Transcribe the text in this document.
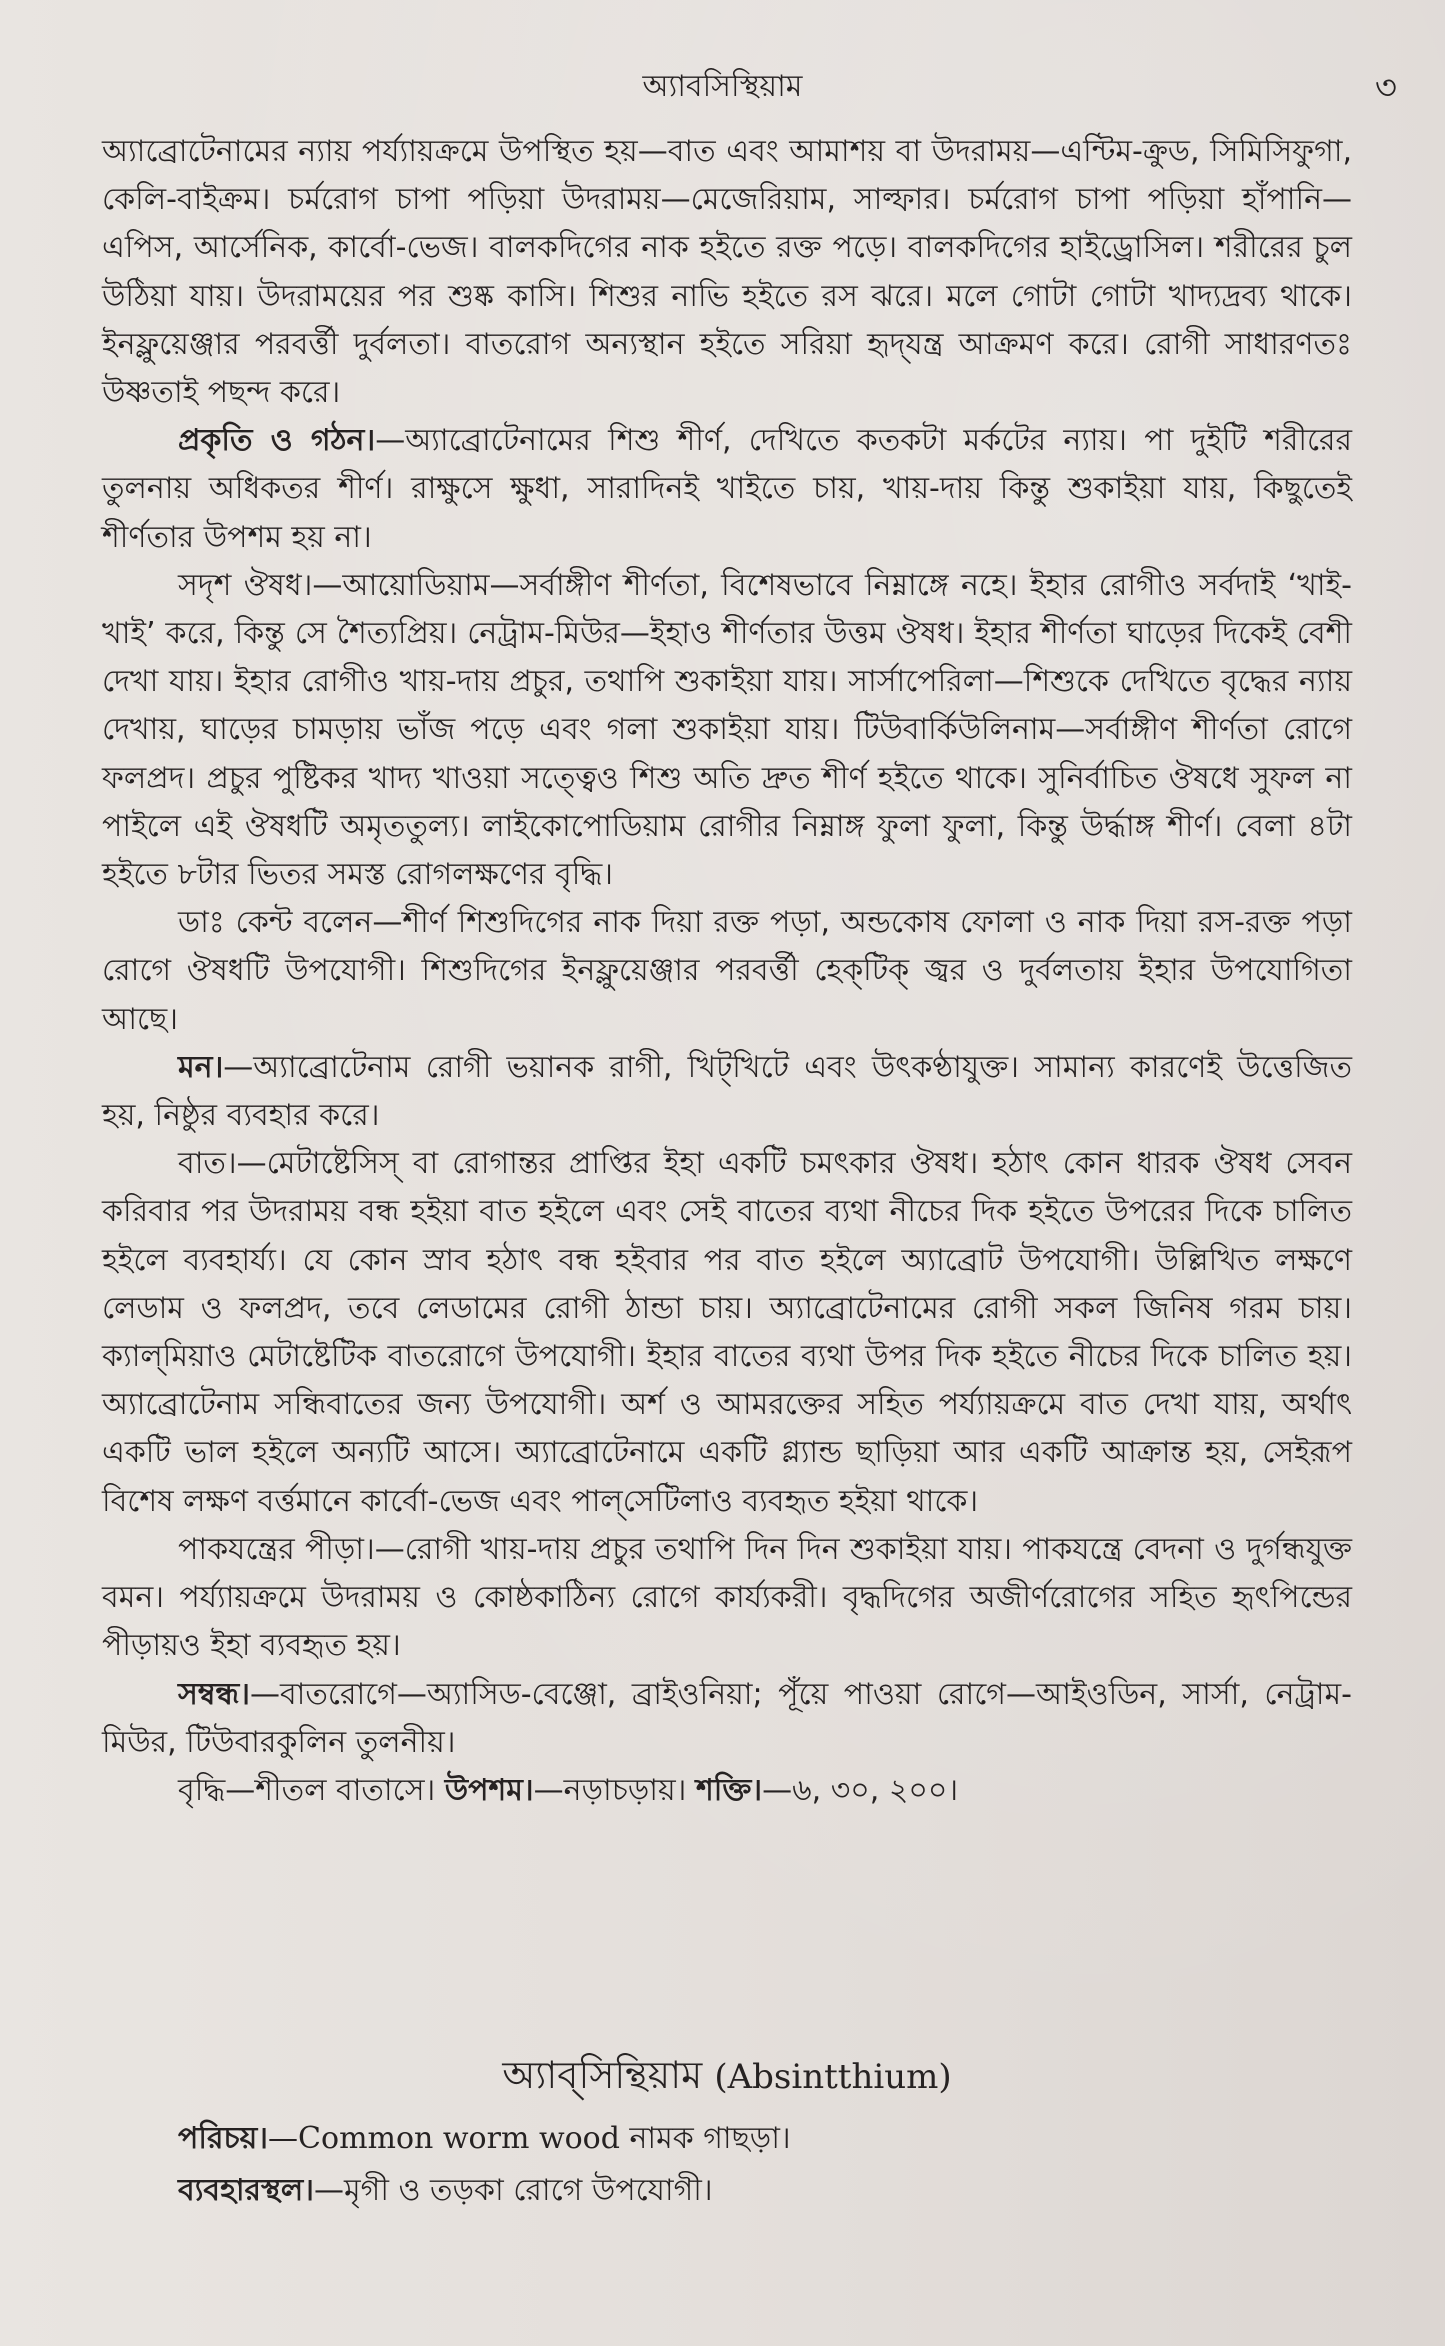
অ্যাবসিস্থিয়াম	৩

অ্যাব্রোটেনামের ন্যায় পর্য্যায়ক্রমে উপস্থিত হয়—বাত এবং আমাশয় বা উদরাময়—এন্টিম-ক্রুড, সিমিসিফুগা, কেলি-বাইক্রম। চর্মরোগ চাপা পড়িয়া উদরাময়—মেজেরিয়াম, সাল্ফার। চর্মরোগ চাপা পড়িয়া হাঁপানি—এপিস, আর্সেনিক, কার্বো-ভেজ। বালকদিগের নাক হইতে রক্ত পড়ে। বালকদিগের হাইড্রোসিল। শরীরের চুল উঠিয়া যায়। উদরাময়ের পর শুষ্ক কাসি। শিশুর নাভি হইতে রস ঝরে। মলে গোটা গোটা খাদ্যদ্রব্য থাকে। ইনফ্লুয়েঞ্জার পরবর্ত্তী দুর্বলতা। বাতরোগ অন্যস্থান হইতে সরিয়া হৃদ্‌যন্ত্র আক্রমণ করে। রোগী সাধারণতঃ উষ্ণতাই পছন্দ করে।

প্রকৃতি ও গঠন।—অ্যাব্রোটেনামের শিশু শীর্ণ, দেখিতে কতকটা মর্কটের ন্যায়। পা দুইটি শরীরের তুলনায় অধিকতর শীর্ণ। রাক্ষুসে ক্ষুধা, সারাদিনই খাইতে চায়, খায়-দায় কিন্তু শুকাইয়া যায়, কিছুতেই শীর্ণতার উপশম হয় না।

সদৃশ ঔষধ।—আয়োডিয়াম—সর্বাঙ্গীণ শীর্ণতা, বিশেষভাবে নিম্নাঙ্গে নহে। ইহার রোগীও সর্বদাই ‘খাই-খাই’ করে, কিন্তু সে শৈত্যপ্রিয়। নেট্রাম-মিউর—ইহাও শীর্ণতার উত্তম ঔষধ। ইহার শীর্ণতা ঘাড়ের দিকেই বেশী দেখা যায়। ইহার রোগীও খায়-দায় প্রচুর, তথাপি শুকাইয়া যায়। সার্সাপেরিলা—শিশুকে দেখিতে বৃদ্ধের ন্যায় দেখায়, ঘাড়ের চামড়ায় ভাঁজ পড়ে এবং গলা শুকাইয়া যায়। টিউবার্কিউলিনাম—সর্বাঙ্গীণ শীর্ণতা রোগে ফলপ্রদ। প্রচুর পুষ্টিকর খাদ্য খাওয়া সত্ত্বেও শিশু অতি দ্রুত শীর্ণ হইতে থাকে। সুনির্বাচিত ঔষধে সুফল না পাইলে এই ঔষধটি অমৃততুল্য। লাইকোপোডিয়াম রোগীর নিম্নাঙ্গ ফুলা ফুলা, কিন্তু উর্দ্ধাঙ্গ শীর্ণ। বেলা ৪টা হইতে ৮টার ভিতর সমস্ত রোগলক্ষণের বৃদ্ধি।

ডাঃ কেন্ট বলেন—শীর্ণ শিশুদিগের নাক দিয়া রক্ত পড়া, অন্ডকোষ ফোলা ও নাক দিয়া রস-রক্ত পড়া রোগে ঔষধটি উপযোগী। শিশুদিগের ইনফ্লুয়েঞ্জার পরবর্ত্তী হেক্‌টিক্ জ্বর ও দুর্বলতায় ইহার উপযোগিতা আছে।

মন।—অ্যাব্রোটেনাম রোগী ভয়ানক রাগী, খিট্‌খিটে এবং উৎকণ্ঠাযুক্ত। সামান্য কারণেই উত্তেজিত হয়, নিষ্ঠুর ব্যবহার করে।

বাত।—মেটাষ্টেসিস্ বা রোগান্তর প্রাপ্তির ইহা একটি চমৎকার ঔষধ। হঠাৎ কোন ধারক ঔষধ সেবন করিবার পর উদরাময় বন্ধ হইয়া বাত হইলে এবং সেই বাতের ব্যথা নীচের দিক হইতে উপরের দিকে চালিত হইলে ব্যবহার্য্য। যে কোন স্রাব হঠাৎ বন্ধ হইবার পর বাত হইলে অ্যাব্রোট উপযোগী। উল্লিখিত লক্ষণে লেডাম ও ফলপ্রদ, তবে লেডামের রোগী ঠান্ডা চায়। অ্যাব্রোটেনামের রোগী সকল জিনিষ গরম চায়। ক্যাল্‌মিয়াও মেটাষ্টেটিক বাতরোগে উপযোগী। ইহার বাতের ব্যথা উপর দিক হইতে নীচের দিকে চালিত হয়। অ্যাব্রোটেনাম সন্ধিবাতের জন্য উপযোগী। অর্শ ও আমরক্তের সহিত পর্য্যায়ক্রমে বাত দেখা যায়, অর্থাৎ একটি ভাল হইলে অন্যটি আসে। অ্যাব্রোটেনামে একটি গ্ল্যান্ড ছাড়িয়া আর একটি আক্রান্ত হয়, সেইরূপ বিশেষ লক্ষণ বর্ত্তমানে কার্বো-ভেজ এবং পাল্‌সেটিলাও ব্যবহৃত হইয়া থাকে।

পাকযন্ত্রের পীড়া।—রোগী খায়-দায় প্রচুর তথাপি দিন দিন শুকাইয়া যায়। পাকযন্ত্রে বেদনা ও দুর্গন্ধযুক্ত বমন। পর্য্যায়ক্রমে উদরাময় ও কোষ্ঠকাঠিন্য রোগে কার্য্যকরী। বৃদ্ধদিগের অজীর্ণরোগের সহিত হৃৎপিন্ডের পীড়ায়ও ইহা ব্যবহৃত হয়।

সম্বন্ধ।—বাতরোগে—অ্যাসিড-বেঞ্জো, ব্রাইওনিয়া; পূঁয়ে পাওয়া রোগে—আইওডিন, সার্সা, নেট্রাম-মিউর, টিউবারকুলিন তুলনীয়।

বৃদ্ধি—শীতল বাতাসে। উপশম।—নড়াচড়ায়। শক্তি।—৬, ৩০, ২০০।

অ্যাব্‌সিন্থিয়াম (Absintthium)
পরিচয়।—Common worm wood নামক গাছড়া।
ব্যবহারস্থল।—মৃগী ও তড়কা রোগে উপযোগী।
